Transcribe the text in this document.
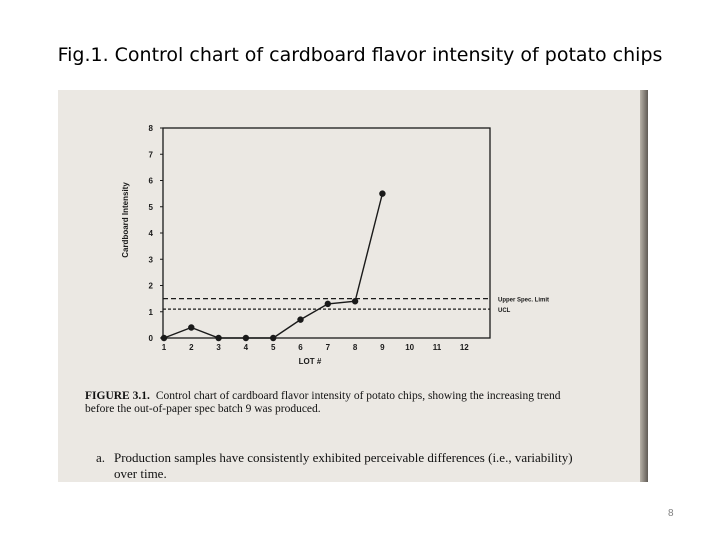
Fig.1. Control chart of cardboard flavor intensity of potato chips
0
1
2
3
4
5
6
7
8
1	2	3	4	5	6	7	8	9	10 11 12
LOT #
Cardboard Intensity
Upper Spec. Limit
UCL
FIGURE 3.1. Control chart of cardboard flavor intensity of potato chips, showing the increasing trend before the out-of-paper spec batch 9 was produced.
a. Production samples have consistently exhibited perceivable differences (i.e., variability) over time.
8
